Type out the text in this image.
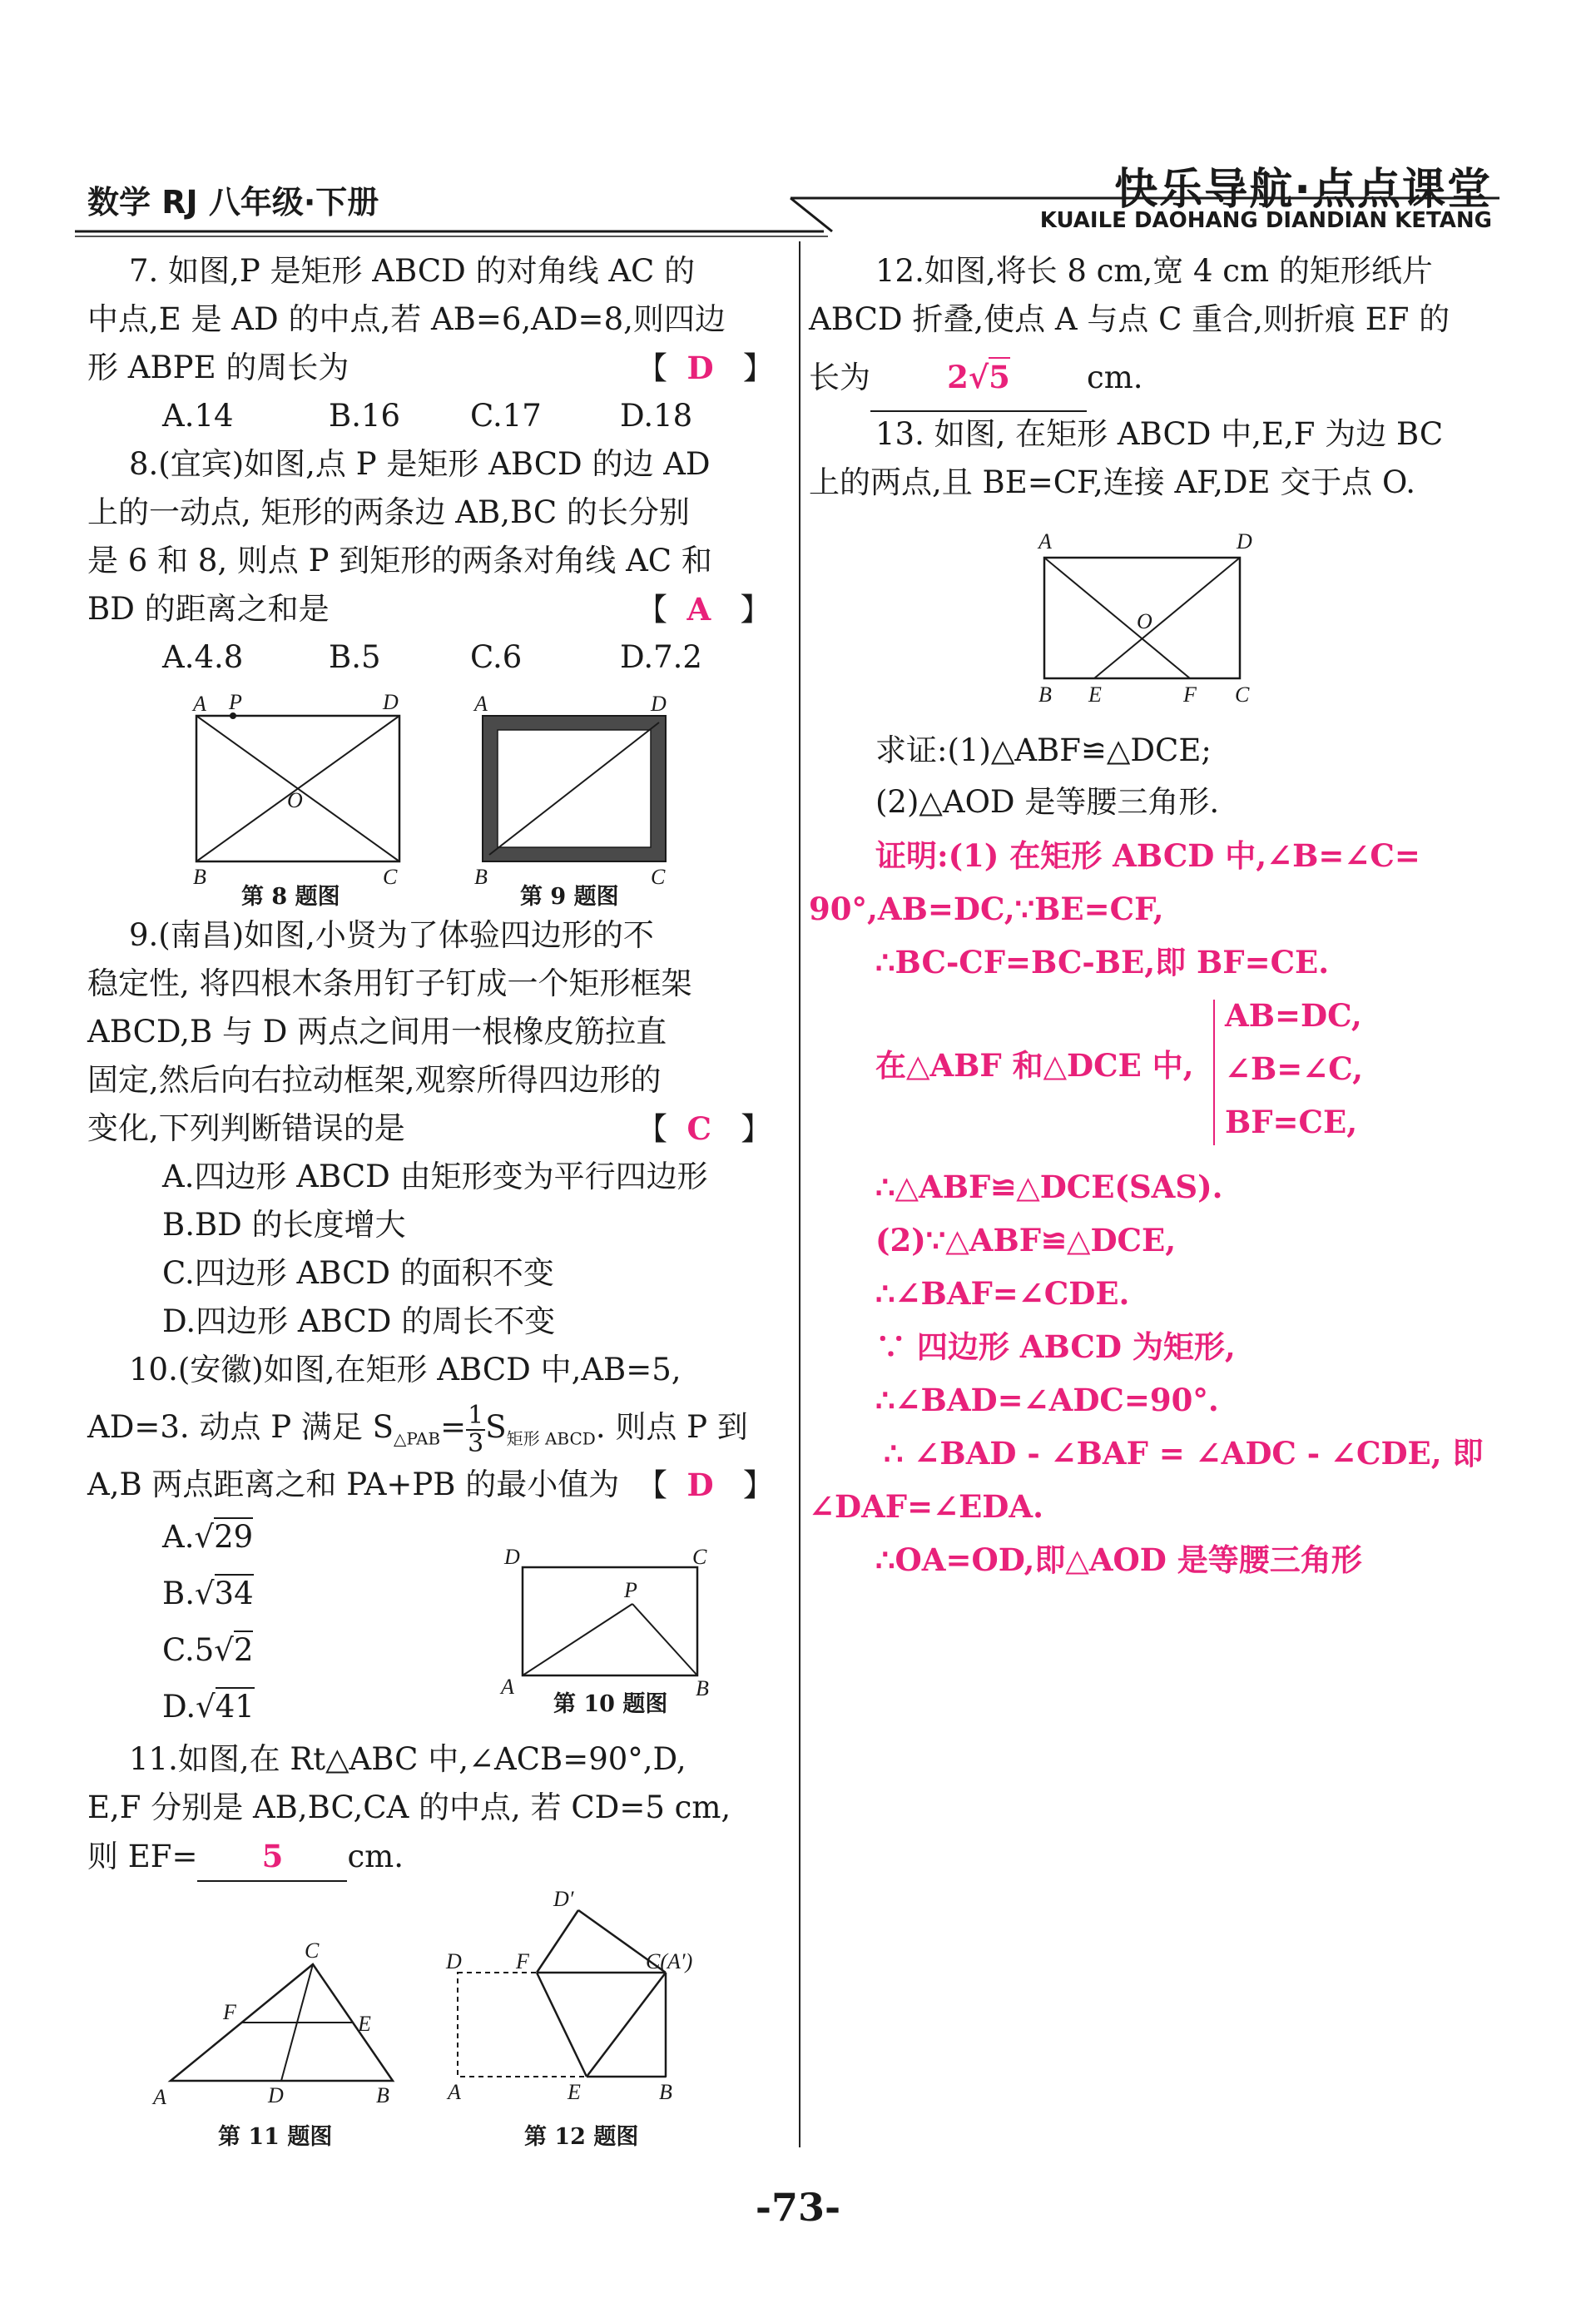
数学 RJ 八年级·下册	快乐导航·点点课堂
KUAILE DAOHANG DIANDIAN KETANG
7. 如图,P 是矩形 ABCD 的对角线 AC 的
中点,E 是 AD 的中点,若 AB=6,AD=8,则四边
形 ABPE 的周长为	【 D 】
A.14	B.16 C.17	D.18
8.(宜宾)如图,点 P 是矩形 ABCD 的边 AD
上的一动点, 矩形的两条边 AB,BC 的长分别
是 6 和 8, 则点 P 到矩形的两条对角线 AC 和
BD 的距离之和是	【 A 】
A.4.8	B.5	C.6	D.7.2
A P	D
O
B	C
第 8 题图
A	D
B	C
第 9 题图
9.(南昌)如图,小贤为了体验四边形的不
稳定性, 将四根木条用钉子钉成一个矩形框架
ABCD,B 与 D 两点之间用一根橡皮筋拉直
固定,然后向右拉动框架,观察所得四边形的
变化,下列判断错误的是	【 C 】
A.四边形 ABCD 由矩形变为平行四边形
B.BD 的长度增大
C.四边形 ABCD 的面积不变
D.四边形 ABCD 的周长不变
10.(安徽)如图,在矩形 ABCD 中,AB=5,
AD=3. 动点 P 满足 $S_{\triangle PAB}= \frac{1}{3} S_{矩形 ABCD}$. 则点 P 到
A,B 两点距离之和 PA+PB 的最小值为 【 D 】
A.√29
B.√34
C.5√2
D.√41
11.如图,在 Rt△ABC 中,∠ACB=90°,D,
E,F 分别是 AB,BC,CA 的中点, 若 CD=5 cm,
则 EF= 5 cm.
D	C
P
A	B
第 10 题图
C
F	E
A	D	B
第 11 题图
D′
D	F	C(A′)
A	E	B
第 12 题图
12.如图,将长 8 cm,宽 4 cm 的矩形纸片
ABCD 折叠,使点 A 与点 C 重合,则折痕 EF 的
长为 2√5 cm.
13. 如图, 在矩形 ABCD 中,E,F 为边 BC
上的两点,且 BE=CF,连接 AF,DE 交于点 O.
A	D
O
B E	F C
求证:(1)△ABF≌△DCE;
(2)△AOD 是等腰三角形.
证明:(1) 在矩形 ABCD 中,∠B=∠C=
90°,AB=DC,∵BE=CF,
∴BC-CF=BC-BE,即 BF=CE.
在△ABF 和△DCE 中,
AB=DC,
∠B=∠C,
BF=CE,
∴△ABF≌△DCE(SAS).
(2)∵△ABF≌△DCE,
∴∠BAF=∠CDE.
∵ 四边形 ABCD 为矩形,
∴∠BAD=∠ADC=90°.
∴ ∠BAD - ∠BAF = ∠ADC - ∠CDE, 即
∠DAF=∠EDA.
∴OA=OD,即△AOD 是等腰三角形
-73-
